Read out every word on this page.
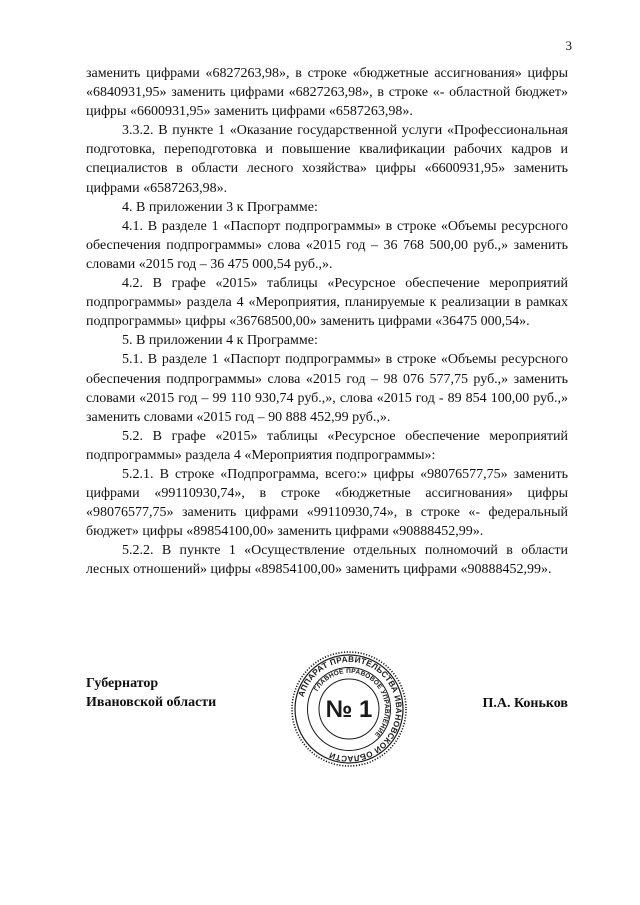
3

заменить цифрами «6827263,98», в строке «бюджетные ассигнования» цифры «6840931,95» заменить цифрами «6827263,98», в строке «- областной бюджет» цифры «6600931,95» заменить цифрами «6587263,98».

3.3.2. В пункте 1 «Оказание государственной услуги «Профессиональная подготовка, переподготовка и повышение квалификации рабочих кадров и специалистов в области лесного хозяйства» цифры «6600931,95» заменить цифрами «6587263,98».

4. В приложении 3 к Программе:

4.1. В разделе 1 «Паспорт подпрограммы» в строке «Объемы ресурсного обеспечения подпрограммы» слова «2015 год – 36 768 500,00 руб.,» заменить словами «2015 год – 36 475 000,54 руб.,».

4.2. В графе «2015» таблицы «Ресурсное обеспечение мероприятий подпрограммы» раздела 4 «Мероприятия, планируемые к реализации в рамках подпрограммы» цифры «36768500,00» заменить цифрами «36475 000,54».

5. В приложении 4 к Программе:

5.1. В разделе 1 «Паспорт подпрограммы» в строке «Объемы ресурсного обеспечения подпрограммы» слова «2015 год – 98 076 577,75 руб.,» заменить словами «2015 год – 99 110 930,74 руб.,», слова «2015 год - 89 854 100,00 руб.,» заменить словами «2015 год – 90 888 452,99 руб.,».

5.2. В графе «2015» таблицы «Ресурсное обеспечение мероприятий подпрограммы» раздела 4 «Мероприятия подпрограммы»:

5.2.1. В строке «Подпрограмма, всего:» цифры «98076577,75» заменить цифрами «99110930,74», в строке «бюджетные ассигнования» цифры «98076577,75» заменить цифрами «99110930,74», в строке «- федеральный бюджет» цифры «89854100,00» заменить цифрами «90888452,99».

5.2.2. В пункте 1 «Осуществление отдельных полномочий в области лесных отношений» цифры «89854100,00» заменить цифрами «90888452,99».

Губернатор
Ивановской области	П.А. Коньков
АППАРАТ ПРАВИТЕЛЬСТВА ИВАНОВСКОЙ ОБЛАСТИ
ГЛАВНОЕ ПРАВОВОЕ УПРАВЛЕНИЕ
№ 1
